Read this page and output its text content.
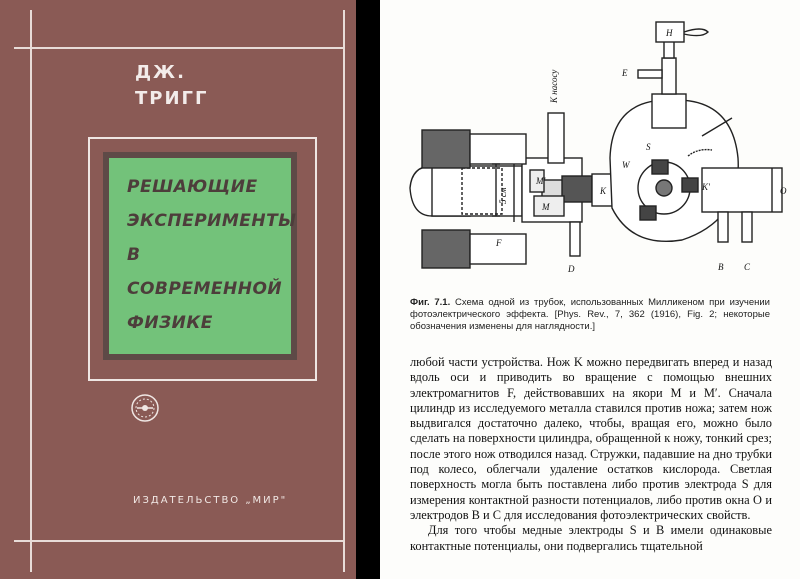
ДЖ.
ТРИГГ
РЕШАЮЩИЕ
ЭКСПЕРИМЕНТЫ
В СОВРЕМЕННОЙ
ФИЗИКЕ
ИЗДАТЕЛЬСТВО „МИР"
К насосу	E
H
S
W
K	K'
M
M'
F
D	B C
O
5 см
Фиг. 7.1. Схема одной из трубок, использованных Милликеном при изучении фотоэлектрического эффекта. [Phys. Rev., 7, 362 (1916), Fig. 2; некоторые обозначения изменены для наглядности.]

любой части устройства. Нож K можно передвигать вперед и назад вдоль оси и приводить во вращение с помощью внешних электромагнитов F, действовавших на якори M и M′. Сначала цилиндр из исследуемого металла ставился против ножа; затем нож выдвигался достаточно далеко, чтобы, вращая его, можно было сделать на поверхности цилиндра, обращенной к ножу, тонкий срез; после этого нож отводился назад. Стружки, падавшие на дно трубки под колесо, облегчали удаление остатков кислорода. Светлая поверхность могла быть поставлена либо против электрода S для измерения контактной разности потенциалов, либо против окна O и электродов B и C для исследования фотоэлектрических свойств.

Для того чтобы медные электроды S и B имели одинаковые контактные потенциалы, они подвергались тщательной
